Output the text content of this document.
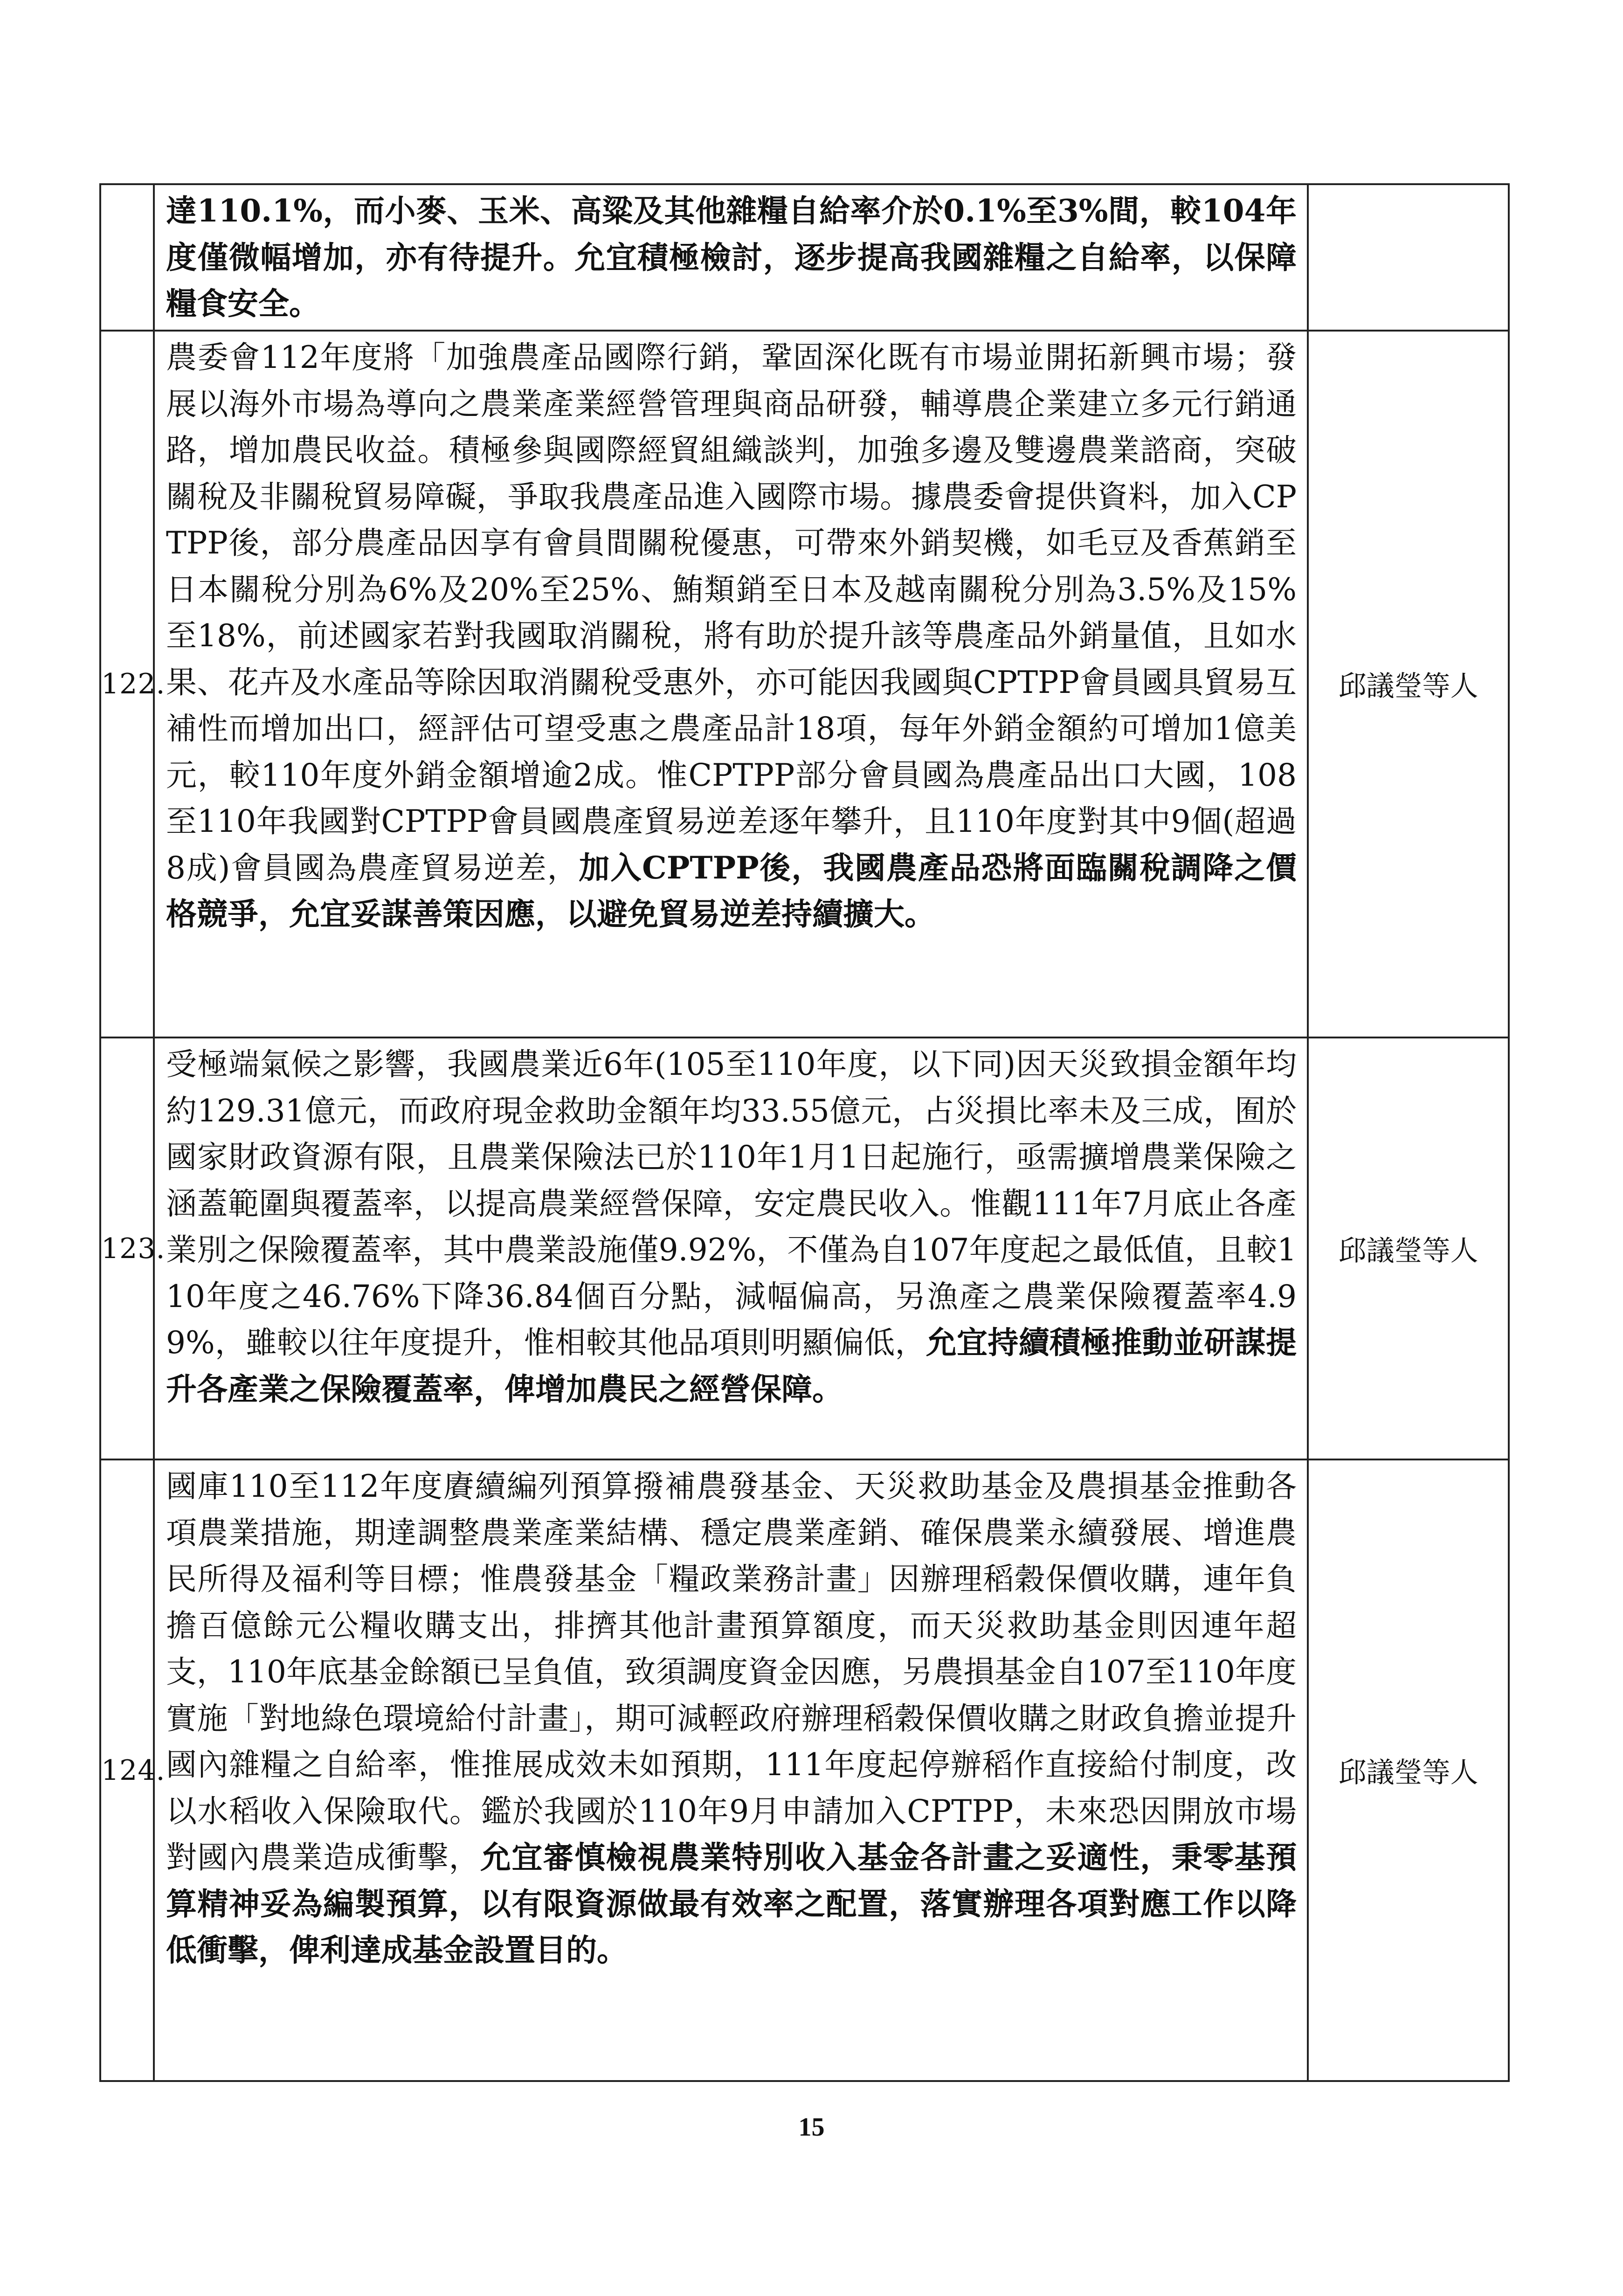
	達110.1%，而小麥、玉米、高粱及其他雜糧自給率介於0.1%至3%間，較104年度僅微幅增加，亦有待提升。允宜積極檢討，逐步提高我國雜糧之自給率，以保障糧食安全。	

122.	農委會112年度將「加強農產品國際行銷，鞏固深化既有市場並開拓新興市場；發展以海外市場為導向之農業產業經營管理與商品研發，輔導農企業建立多元行銷通路，增加農民收益。積極參與國際經貿組織談判，加強多邊及雙邊農業諮商，突破關稅及非關稅貿易障礙，爭取我農產品進入國際市場。據農委會提供資料，加入CPTPP後，部分農產品因享有會員間關稅優惠，可帶來外銷契機，如毛豆及香蕉銷至日本關稅分別為6%及20%至25%、鮪類銷至日本及越南關稅分別為3.5%及15%至18%，前述國家若對我國取消關稅，將有助於提升該等農產品外銷量值，且如水果、花卉及水產品等除因取消關稅受惠外，亦可能因我國與CPTPP會員國具貿易互補性而增加出口，經評估可望受惠之農產品計18項，每年外銷金額約可增加1億美元，較110年度外銷金額增逾2成。惟CPTPP部分會員國為農產品出口大國，108至110年我國對CPTPP會員國農產貿易逆差逐年攀升，且110年度對其中9個(超過8成)會員國為農產貿易逆差，加入CPTPP後，我國農產品恐將面臨關稅調降之價格競爭，允宜妥謀善策因應，以避免貿易逆差持續擴大。	邱議瑩等人
123.	受極端氣候之影響，我國農業近6年(105至110年度，以下同)因天災致損金額年均約129.31億元，而政府現金救助金額年均33.55億元，占災損比率未及三成，囿於國家財政資源有限，且農業保險法已於110年1月1日起施行，亟需擴增農業保險之涵蓋範圍與覆蓋率，以提高農業經營保障，安定農民收入。惟觀111年7月底止各產業別之保險覆蓋率，其中農業設施僅9.92%，不僅為自107年度起之最低值，且較110年度之46.76%下降36.84個百分點，減幅偏高，另漁產之農業保險覆蓋率4.99%，雖較以往年度提升，惟相較其他品項則明顯偏低，允宜持續積極推動並研謀提升各產業之保險覆蓋率，俾增加農民之經營保障。	邱議瑩等人
124.	國庫110至112年度賡續編列預算撥補農發基金、天災救助基金及農損基金推動各項農業措施，期達調整農業產業結構、穩定農業產銷、確保農業永續發展、增進農民所得及福利等目標；惟農發基金「糧政業務計畫」因辦理稻穀保價收購，連年負擔百億餘元公糧收購支出，排擠其他計畫預算額度，而天災救助基金則因連年超支，110年底基金餘額已呈負值，致須調度資金因應，另農損基金自107至110年度實施「對地綠色環境給付計畫」，期可減輕政府辦理稻穀保價收購之財政負擔並提升國內雜糧之自給率，惟推展成效未如預期，111年度起停辦稻作直接給付制度，改以水稻收入保險取代。鑑於我國於110年9月申請加入CPTPP，未來恐因開放市場對國內農業造成衝擊，允宜審慎檢視農業特別收入基金各計畫之妥適性，秉零基預算精神妥為編製預算，以有限資源做最有效率之配置，落實辦理各項對應工作以降低衝擊，俾利達成基金設置目的。	邱議瑩等人
15
